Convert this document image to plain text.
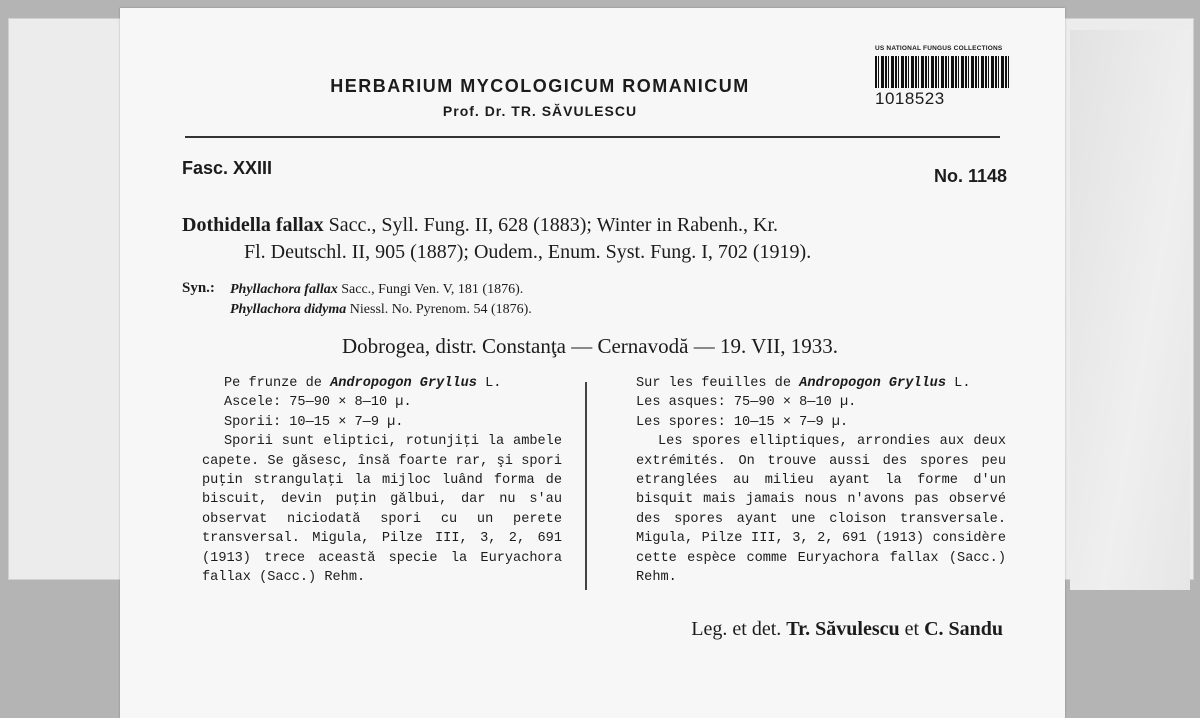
HERBARIUM MYCOLOGICUM ROMANICUM
Prof. Dr. TR. SĂVULESCU
US NATIONAL FUNGUS COLLECTIONS
1018523
Fasc. XXIII	No. 1148
Dothidella fallax Sacc., Syll. Fung. II, 628 (1883); Winter in Rabenh., Kr.
Fl. Deutschl. II, 905 (1887); Oudem., Enum. Syst. Fung. I, 702 (1919).
Syn.: Phyllachora fallax Sacc., Fungi Ven. V, 181 (1876).
Phyllachora didyma Niessl. No. Pyrenom. 54 (1876).
Dobrogea, distr. Constanţa — Cernavodă — 19. VII, 1933.

Pe frunze de Andropogon Gryllus L.

Ascele: 75—90 × 8—10 µ.

Sporii: 10—15 × 7—9 µ.

Sporii sunt eliptici, rotunjiţi la ambele capete. Se găsesc, însă foarte rar, şi spori puţin strangulaţi la mijloc luând forma de biscuit, devin puţin gălbui, dar nu s'au observat niciodată spori cu un perete transversal. Migula, Pilze III, 3, 2, 691 (1913) trece această specie la Euryachora fallax (Sacc.) Rehm.

Sur les feuilles de Andropogon Gryllus L.

Les asques: 75—90 × 8—10 µ.

Les spores: 10—15 × 7—9 µ.

Les spores elliptiques, arrondies aux deux extrémités. On trouve aussi des spores peu etranglées au milieu ayant la forme d'un bisquit mais jamais nous n'avons pas observé des spores ayant une cloison transversale. Migula, Pilze III, 3, 2, 691 (1913) considère cette espèce comme Euryachora fallax (Sacc.) Rehm.

Leg. et det. Tr. Săvulescu et C. Sandu
